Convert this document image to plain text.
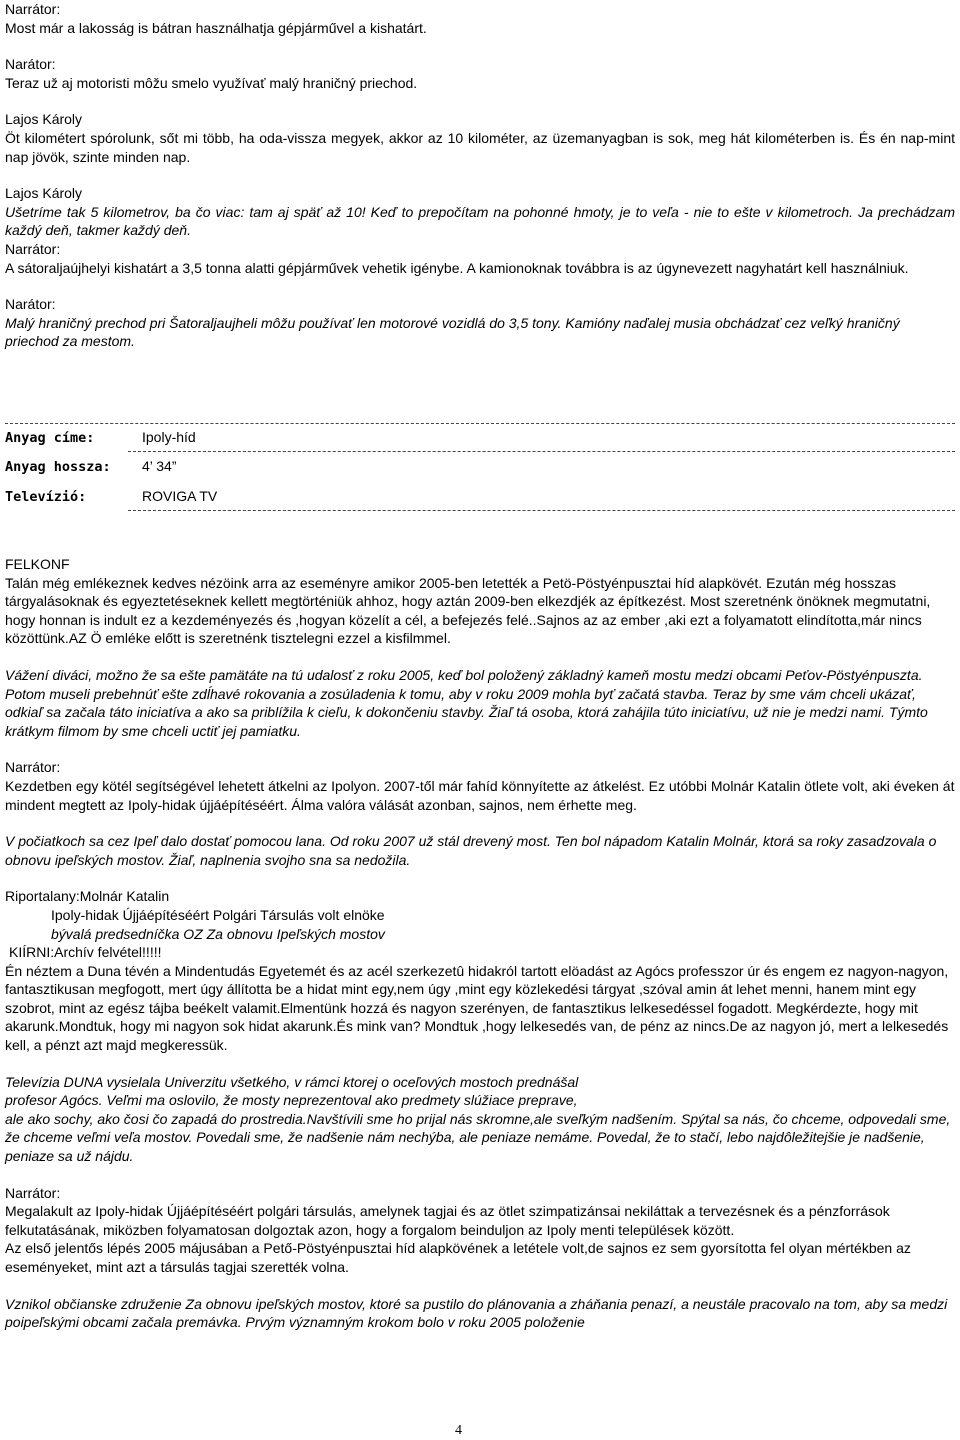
Narrátor:

Most már a lakosság is bátran használhatja gépjárművel a kishatárt.

Narátor:

Teraz už aj motoristi môžu smelo využívať malý hraničný priechod.

Lajos Károly

Öt kilométert spórolunk, sőt mi több, ha oda-vissza megyek, akkor az 10 kilométer, az üzemanyagban is sok, meg hát kilométerben is. És én nap-mint nap jövök, szinte minden nap.

Lajos Károly

Ušetríme tak 5 kilometrov, ba čo viac: tam aj späť až 10! Keď to prepočítam na pohonné hmoty, je to veľa - nie to ešte v kilometroch. Ja prechádzam každý deň, takmer každý deň.

Narrátor:

A sátoraljaújhelyi kishatárt a 3,5 tonna alatti gépjárművek vehetik igénybe. A kamionoknak továbbra is az úgynevezett nagyhatárt kell használniuk.

Narátor:

Malý hraničný prechod pri Šatoraljaujheli môžu používať len motorové vozidlá do 3,5 tony. Kamióny naďalej musia obchádzať cez veľký hraničný priechod za mestom.

Anyag címe:	Ipoly-híd
Anyag hossza: 4’ 34”
Televízió:	ROVIGA TV

FELKONF

Talán még emlékeznek kedves nézöink arra az eseményre amikor 2005-ben letették a Petö-Pöstyénpusztai híd alapkövét. Ezután még hosszas tárgyalásoknak és egyeztetéseknek kellett megtörténiük ahhoz, hogy aztán 2009-ben elkezdjék az építkezést. Most szeretnénk önöknek megmutatni, hogy honnan is indult ez a kezdeményezés és ,hogyan közelít a cél, a befejezés felé..Sajnos az az ember ,aki ezt a folyamatott elindította,már nincs közöttünk.AZ Ö emléke előtt is szeretnénk tisztelegni ezzel a kisfilmmel.

Vážení diváci, možno že sa ešte pamätáte na tú udalosť z roku 2005, keď bol položený základný kameň mostu medzi obcami Peťov-Pöstyénpuszta. Potom museli prebehnúť ešte zdĺhavé rokovania a zosúladenia k tomu, aby v roku 2009 mohla byť začatá stavba. Teraz by sme vám chceli ukázať, odkiaľ sa začala táto iniciatíva a ako sa priblížila k cieľu, k dokončeniu stavby. Žiaľ tá osoba, ktorá zahájila túto iniciatívu, už nie je medzi nami. Týmto krátkym filmom by sme chceli uctiť jej pamiatku.

Narrátor:

Kezdetben egy kötél segítségével lehetett átkelni az Ipolyon. 2007-től már fahíd könnyítette az átkelést. Ez utóbbi Molnár Katalin ötlete volt, aki éveken át mindent megtett az Ipoly-hidak újjáépítéséért. Álma valóra válását azonban, sajnos, nem érhette meg.

V počiatkoch sa cez Ipeľ dalo dostať pomocou lana. Od roku 2007 už stál drevený most. Ten bol nápadom Katalin Molnár, ktorá sa roky zasadzovala o obnovu ipeľských mostov. Žiaľ, naplnenia svojho sna sa nedožila.

Riportalany:Molnár Katalin

Ipoly-hidak Újjáépítéséért Polgári Társulás volt elnöke

bývalá predsedníčka OZ Za obnovu Ipeľských mostov

KIÍRNI:Archív felvétel!!!!!

Én néztem a Duna tévén a Mindentudás Egyetemét és az acél szerkezetû hidakról tartott elöadást az Agócs professzor úr és engem ez nagyon-nagyon, fantasztikusan megfogott, mert úgy állította be a hidat mint egy,nem úgy ,mint egy közlekedési tárgyat ,szóval amin át lehet menni, hanem mint egy szobrot, mint az egész tájba beékelt valamit.Elmentünk hozzá és nagyon szerényen, de fantasztikus lelkesedéssel fogadott. Megkérdezte, hogy mit akarunk.Mondtuk, hogy mi nagyon sok hidat akarunk.És mink van? Mondtuk ,hogy lelkesedés van, de pénz az nincs.De az nagyon jó, mert a lelkesedés kell, a pénzt azt majd megkeressük.

Televízia DUNA vysielala Univerzitu všetkého, v rámci ktorej o oceľových mostoch prednášal

profesor Agócs. Veľmi ma oslovilo, že mosty neprezentoval ako predmety slúžiace preprave,

ale ako sochy, ako čosi čo zapadá do prostredia.Navštívili sme ho prijal nás skromne,ale sveľkým nadšením. Spýtal sa nás, čo chceme, odpovedali sme, že chceme veľmi veľa mostov. Povedali sme, že nadšenie nám nechýba, ale peniaze nemáme. Povedal, že to stačí, lebo najdôležitejšie je nadšenie, peniaze sa už nájdu.

Narrátor:

Megalakult az Ipoly-hidak Újjáépítéséért polgári társulás, amelynek tagjai és az ötlet szimpatizánsai nekiláttak a tervezésnek és a pénzforrások felkutatásának, miközben folyamatosan dolgoztak azon, hogy a forgalom beinduljon az Ipoly menti települések között.

Az első jelentős lépés 2005 májusában a Pető-Pöstyénpusztai híd alapkövének a letétele volt,de sajnos ez sem gyorsította fel olyan mértékben az eseményeket, mint azt a társulás tagjai szerették volna.

Vznikol občianske združenie Za obnovu ipeľských mostov, ktoré sa pustilo do plánovania a zháňania penazí, a neustále pracovalo na tom, aby sa medzi poipeľskými obcami začala premávka. Prvým významným krokom bolo v roku 2005 položenie

4
